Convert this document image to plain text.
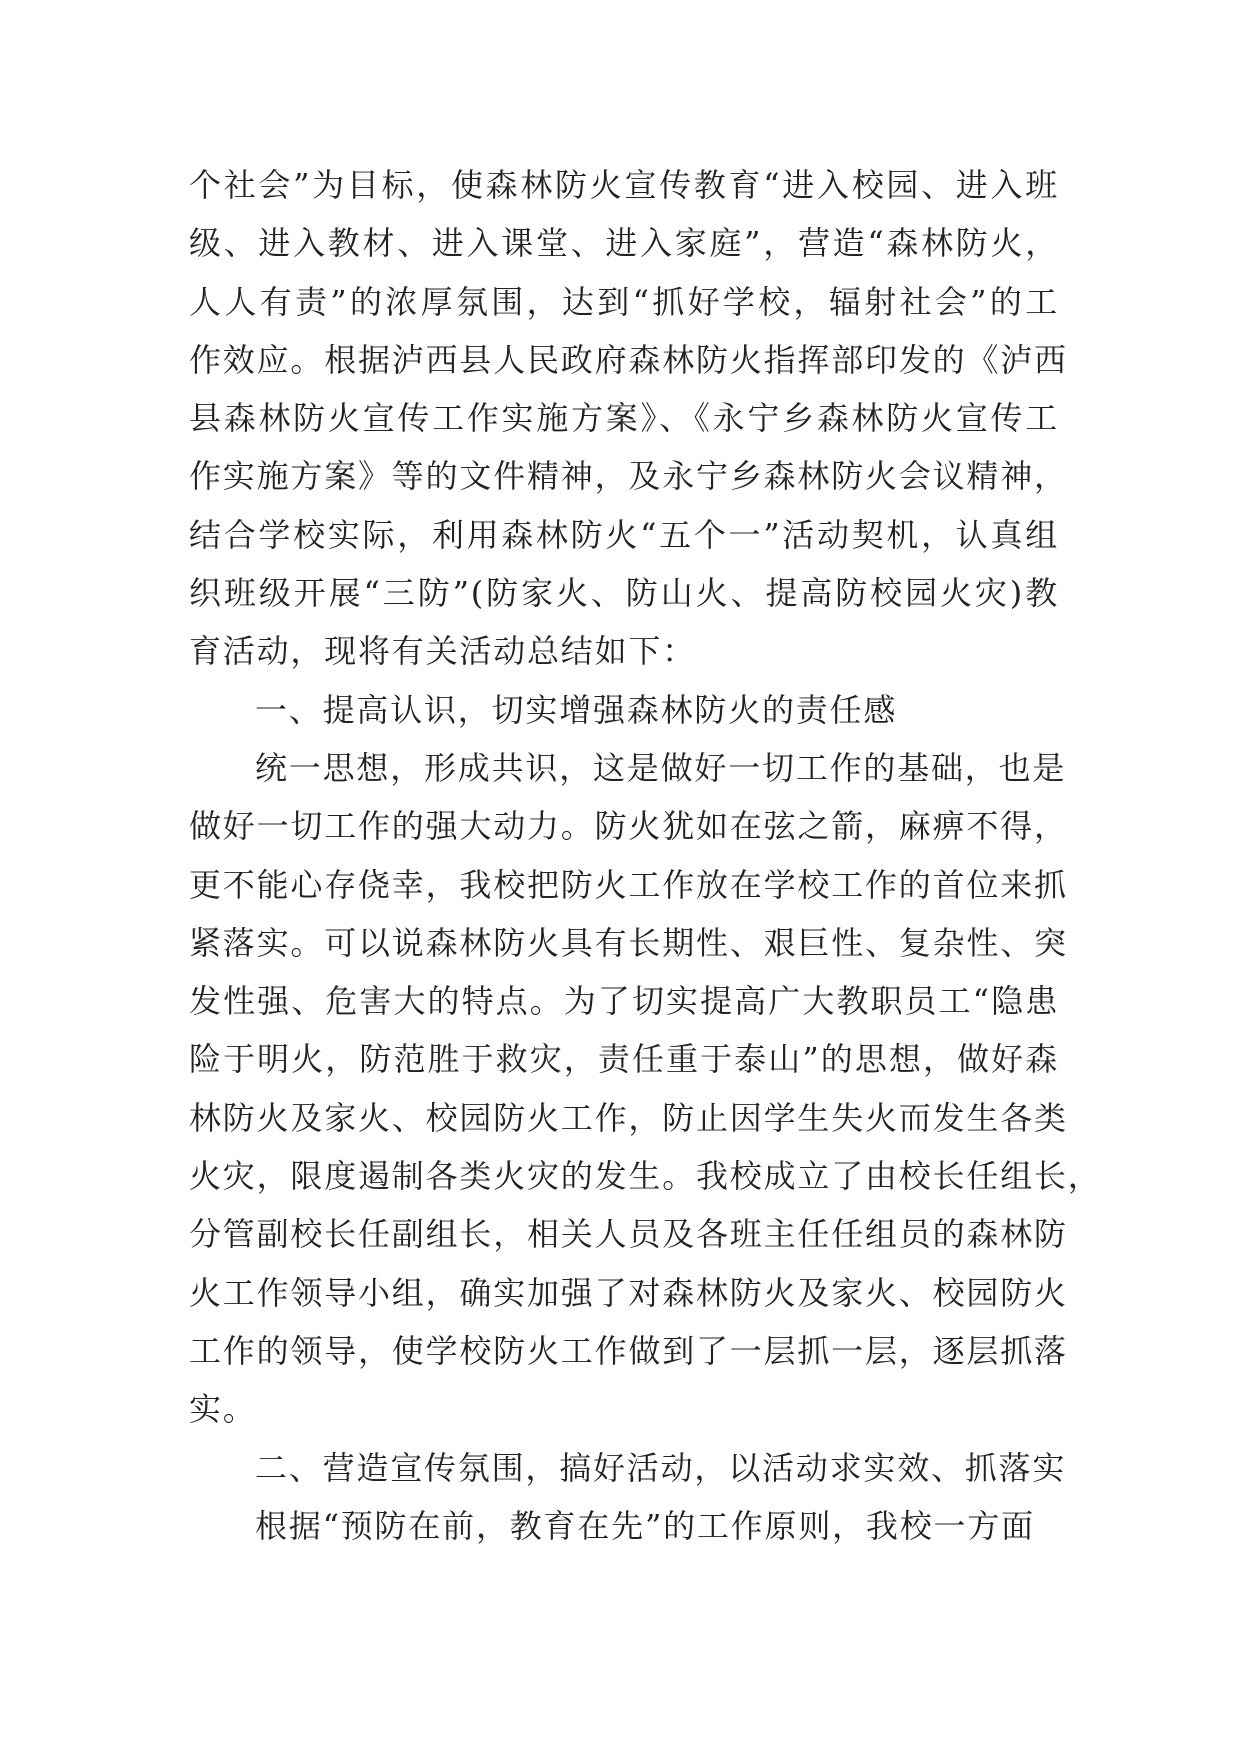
个社会”为目标，使森林防火宣传教育“进入校园、进入班
级、进入教材、进入课堂、进入家庭”，营造“森林防火，
人人有责”的浓厚氛围，达到“抓好学校，辐射社会”的工
作效应。根据泸西县人民政府森林防火指挥部印发的《泸西
县森林防火宣传工作实施方案》、《永宁乡森林防火宣传工
作实施方案》等的文件精神，及永宁乡森林防火会议精神，
结合学校实际，利用森林防火“五个一”活动契机，认真组
织班级开展“三防”(防家火、防山火、提高防校园火灾)教
育活动，现将有关活动总结如下：
一、提高认识，切实增强森林防火的责任感
统一思想，形成共识，这是做好一切工作的基础，也是
做好一切工作的强大动力。防火犹如在弦之箭，麻痹不得，
更不能心存侥幸，我校把防火工作放在学校工作的首位来抓
紧落实。可以说森林防火具有长期性、艰巨性、复杂性、突
发性强、危害大的特点。为了切实提高广大教职员工“隐患
险于明火，防范胜于救灾，责任重于泰山”的思想，做好森
林防火及家火、校园防火工作，防止因学生失火而发生各类
火灾，限度遏制各类火灾的发生。我校成立了由校长任组长，
分管副校长任副组长，相关人员及各班主任任组员的森林防
火工作领导小组，确实加强了对森林防火及家火、校园防火
工作的领导，使学校防火工作做到了一层抓一层，逐层抓落
实。
二、营造宣传氛围，搞好活动，以活动求实效、抓落实
根据“预防在前，教育在先”的工作原则，我校一方面
